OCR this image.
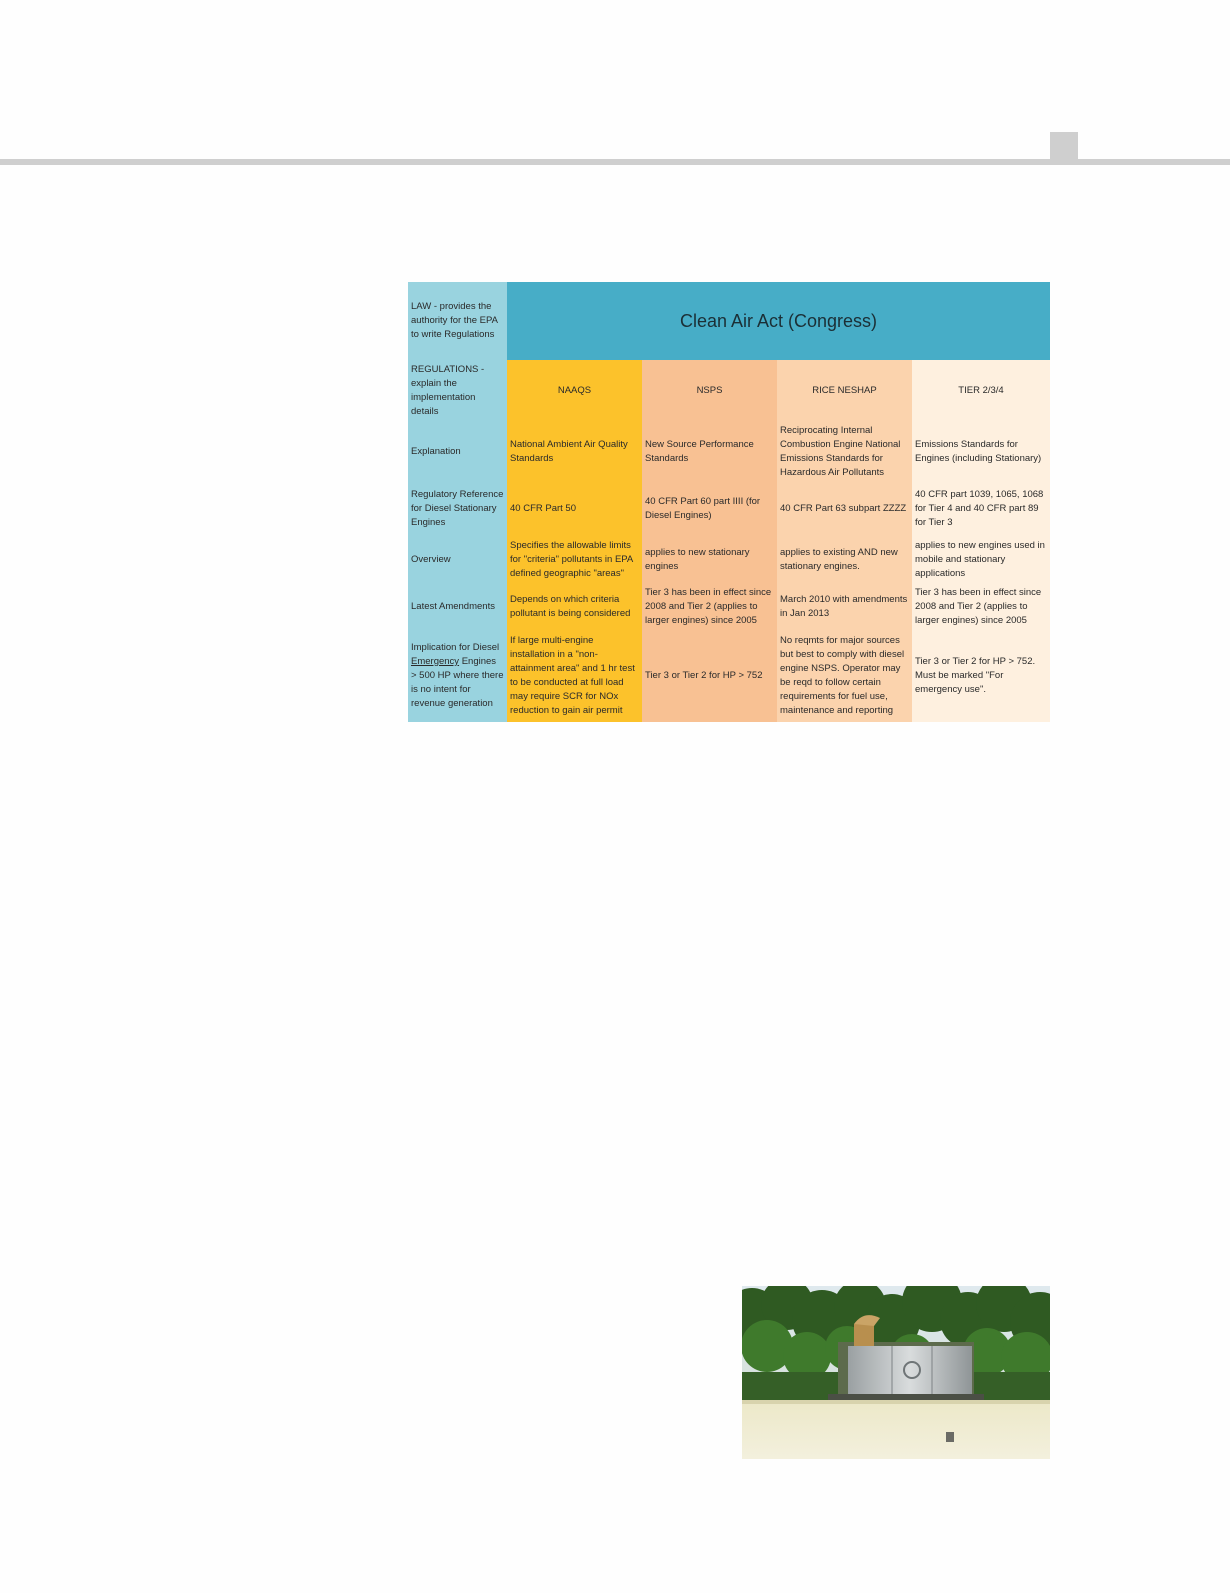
LAW - provides the authority for the EPA to write Regulations	Clean Air Act (Congress)			
REGULATIONS - explain the implementation details	NAAQS	NSPS	RICE NESHAP	TIER 2/3/4
Explanation	National Ambient Air Quality Standards	New Source Performance Standards	Reciprocating Internal Combustion Engine National Emissions Standards for Hazardous Air Pollutants	Emissions Standards for Engines (including Stationary)
Regulatory Reference for Diesel Stationary Engines	40 CFR Part 50	40 CFR Part 60 part IIII (for Diesel Engines)	40 CFR Part 63 subpart ZZZZ	40 CFR part 1039, 1065, 1068 for Tier 4 and 40 CFR part 89 for Tier 3
Overview	Specifies the allowable limits for "criteria" pollutants in EPA defined geographic "areas"	applies to new stationary engines	applies to existing AND new stationary engines.	applies to new engines used in mobile and stationary applications
Latest Amendments	Depends on which criteria pollutant is being considered	Tier 3 has been in effect since 2008 and Tier 2 (applies to larger engines) since 2005	March 2010 with amendments in Jan 2013	Tier 3 has been in effect since 2008 and Tier 2 (applies to larger engines) since 2005
Implication for Diesel Emergency Engines > 500 HP where there is no intent for revenue generation	If large multi-engine installation in a "non-attainment area" and 1 hr test to be conducted at full load may require SCR for NOx reduction to gain air permit	Tier 3 or Tier 2 for HP > 752	No reqmts for major sources but best to comply with diesel engine NSPS. Operator may be reqd to follow certain requirements for fuel use, maintenance and reporting	Tier 3 or Tier 2 for HP > 752. Must be marked "For emergency use".
